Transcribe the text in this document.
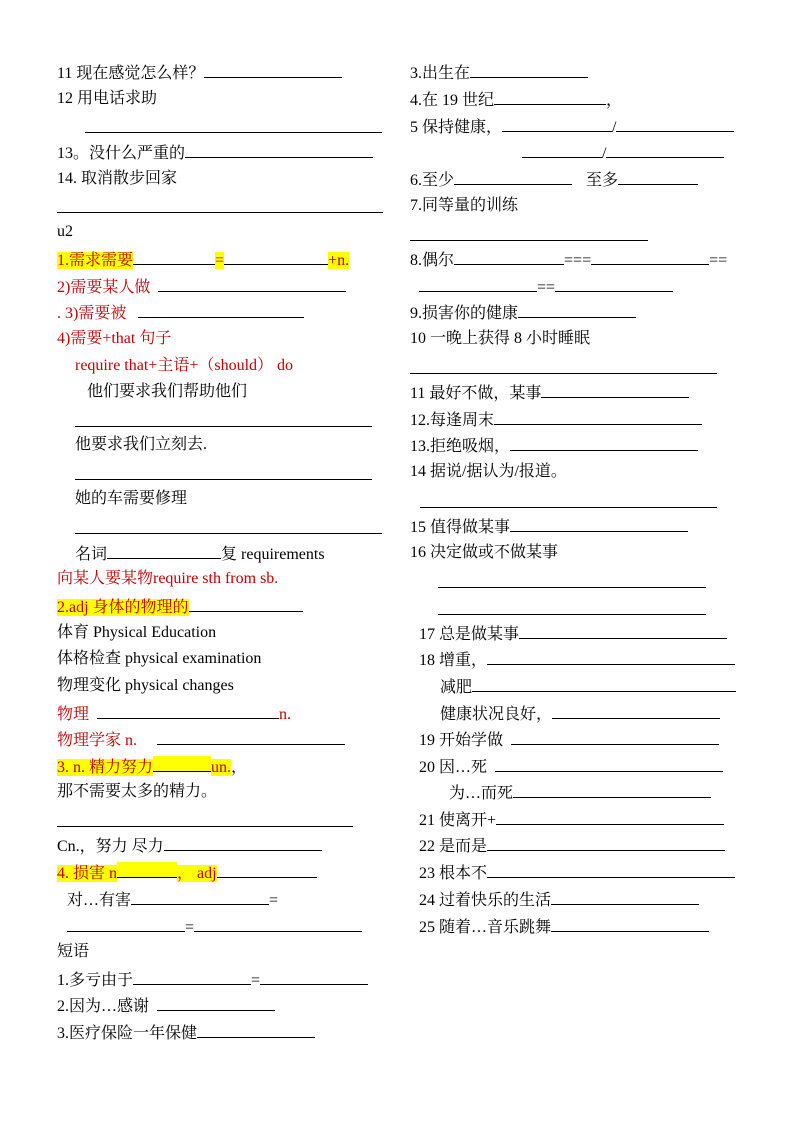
11 现在感觉怎么样？
12 用电话求助
13。没什么严重的
14. 取消散步回家
u2
1.需求需要	=	+n.
2)需要某人做
. 3)需要被
4)需要+that 句子
require that+主语+（should） do
他们要求我们帮助他们
他要求我们立刻去.
她的车需要修理
名词	复 requirements
向某人要某物require sth from sb.
2.adj 身体的物理的
体育 Physical Education
体格检查 physical examination
物理变化 physical changes
物理	n.
物理学家 n.
3. n. 精力努力	un.，
那不需要太多的精力。
Cn.，努力 尽力
4. 损害 n	， adj
对…有害	=
=
短语
1.多亏由于	=
2.因为…感谢
3.医疗保险一年保健
3.出生在
4.在 19 世纪	，
5 保持健康，	/
/
6.至少	至多
7.同等量的训练
8.偶尔	===	==
==
9.损害你的健康
10 一晚上获得 8 小时睡眠
11 最好不做，某事
12.每逢周末
13.拒绝吸烟，
14 据说/据认为/报道。
15 值得做某事
16 决定做或不做某事
17 总是做某事
18 增重，
减肥
健康状况良好，
19 开始学做
20 因…死
为…而死
21 使离开+
22 是而是
23 根本不
24 过着快乐的生活
25 随着…音乐跳舞
